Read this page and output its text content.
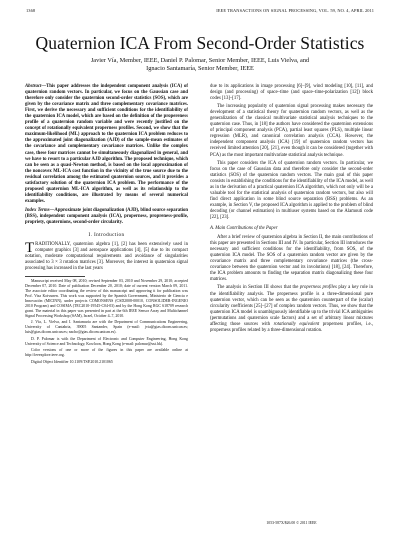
1368	IEEE TRANSACTIONS ON SIGNAL PROCESSING, VOL. 59, NO. 4, APRIL 2011
Quaternion ICA From Second-Order Statistics
Javier Vía, Member, IEEE, Daniel P. Palomar, Senior Member, IEEE, Luis Vielva, and
Ignacio Santamaría, Senior Member, IEEE

Abstract—This paper addresses the independent component analysis (ICA) of quaternion random vectors. In particular, we focus on the Gaussian case and therefore only consider the quaternion second-order statistics (SOS), which are given by the covariance matrix and three complementary covariance matrices. First, we derive the necessary and sufficient conditions for the identifiability of the quaternion ICA model, which are based on the definition of the propereness profile of a quaternion random variable and were recently justified on the concept of rotationally equivalent properness profiles. Second, we show that the maximum-likelihood (ML) approach to the quaternion ICA problem reduces to the approximated joint diagonalization (AJD) of the sample-mean estimates of the covariance and complementary covariance matrices. Unlike the complex case, these four matrices cannot be simultaneously diagonalized in general, and we have to resort to a particular AJD algorithm. The proposed technique, which can be seen as a quasi-Newton method, is based on the local approximation of the noncovex ML-ICA cost function in the vicinity of the true source due to the residual correlation among the estimated quaternion sources, and it provides a satisfactory solution of the quaternion ICA problem. The performance of the proposed quaternion ML-ICA algorithm, as well as its relationship to the identifiability conditions, are illustrated by means of several numerical examples.

Index Terms—Approximate joint diagonalization (AJD), blind source separation (BSS), independent component analysis (ICA), properness, propreness-profile, propriety, quaternions, second-order circularity.

I. Introduction

TRADITIONALLY, quaternion algebra [1], [2] has been extensively used in computer graphics [3] and aerospace applications [4], [5] due to its compact notation, moderate computational requirements and avoidance of singularities associated to 3 × 3 rotation matrices [3]. Moreover, the interest in quaternion signal processing has increased in the last years

Manuscript received May 08, 2010; revised September 03, 2010 and November 29, 2010; accepted December 07, 2010. Date of publication December 20, 2010; date of current version March 09, 2011. The associate editor coordinating the review of this manuscript and approving it for publication was Prof. Visa Koivunen. This work was supported by the Spanish Government, Ministerio de Ciencia e Innovación (MICINN), under projects COMONSENS (CSD2008-00010, CONSOLIDER-INGENIO 2010 Program) and COSIMA (TEC2010-19545-C04-03) and by the Hong Kong RGC 618709 research grant. The material in this paper was presented in part at the 6th IEEE Sensor Array and Multichannel Signal Processing Workshop (SAM), Israel, October 4–7, 2010.

J. Vía, L. Vielva, and I. Santamaría are with the Department of Communications Engineering, University of Cantabria, 39005 Santander, Spain (e-mail: jvia@gtas.dicom.unican.es; luis@gtas.dicom.unican.es; nacho@gtas.dicom.unican.es).

D. P. Palomar is with the Department of Electronic and Computer Engineering, Hong Kong University of Science and Technology, Kowloon, Hong Kong (e-mail: palomar@ust.hk).

Color versions of one or more of the figures in this paper are available online at http://ieeexplore.ieee.org.

Digital Object Identifier 10.1109/TSP.2010.2101065

due to its applications in image processing [6]–[9], wind modeling [10], [11], and design (and processing) of space–time (and space–time-polarization [12]) block codes [13]–[17].

The increasing popularity of quaternion signal processing makes necessary the development of a statistical theory for quaternion random vectors, as well as the generalization of the classical multivariate statistical analysis techniques to the quaternion case. Thus, in [18] the authors have considered the quaternion extensions of principal component analysis (PCA), partial least squares (PLS), multiple linear regression (MLR), and canonical correlation analysis (CCA). However, the independent component analysis (ICA) [19] of quaternion random vectors has received limited attention [20], [21], even though it can be considered (together with PCA) as the most important multivariate statistical analysis technique.

This paper considers the ICA of quaternion random vectors. In particular, we focus on the case of Gaussian data and therefore only consider the second-order statistics (SOS) of the quaternion random vectors. The main goal of this paper consists in establishing the conditions for the identifiability of the ICA model, as well as in the derivation of a practical quaternion ICA algorithm, which not only will be a valuable tool for the statistical analysis of quaternion random vectors, but also will find direct application in some blind source separation (BSS) problems. As an example, in Section V, the proposed ICA algorithm is applied to the problem of blind decoding (or channel estimation) in multiuser systems based on the Alamouti code [22], [23].

A. Main Contributions of the Paper

After a brief review of quaternion algebra in Section II, the main contributions of this paper are presented in Sections III and IV. In particular, Section III introduces the necessary and sufficient conditions for the identifiability, from SOS, of the quaternion ICA model. The SOS of a quaternion random vector are given by the covariance matrix and three complementary covariance matrices (the cross-covariance between the quaternion vector and its involutions) [18], [24]. Therefore, the ICA problem amounts to finding the separation matrix diagonalizing these four matrices.

The analysis in Section III shows that the properness profiles play a key role in the identifiability analysis. The properness profile is a three-dimensional pure quaternion vector, which can be seen as the quaternion counterpart of the (scalar) circularity coefficients [25]–[27] of complex random vectors. Thus, we show that the quaternion ICA model is unambiguously identifiable up to the trivial ICA ambiguities (permutations and quaternion scale factors) and a set of arbitrary linear mixtures affecting those sources with rotationally equivalent properness profiles, i.e., properness profiles related by a three-dimensional rotation.

1053-587X/$26.00 © 2011 IEEE
